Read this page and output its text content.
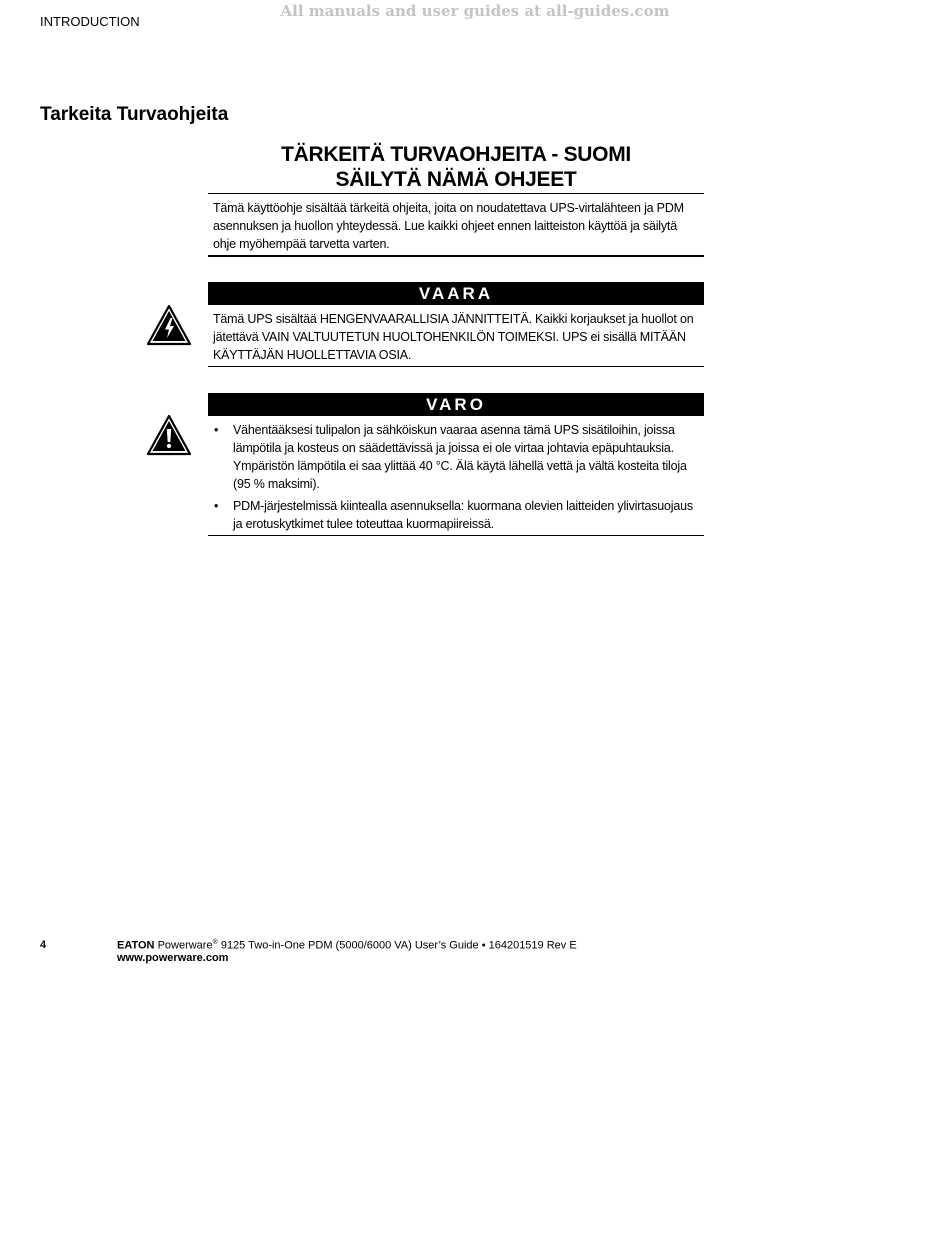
All manuals and user guides at all-guides.com
INTRODUCTION
Tarkeita Turvaohjeita
TÄRKEITÄ TURVAOHJEITA - SUOMI
SÄILYTÄ NÄMÄ OHJEET
Tämä käyttöohje sisältää tärkeitä ohjeita, joita on noudatettava UPS-virtalähteen ja PDM asennuksen ja huollon yhteydessä. Lue kaikki ohjeet ennen laitteiston käyttöä ja säilytä ohje myöhempää tarvetta varten.
VAARA
Tämä UPS sisältää HENGENVAARALLISIA JÄNNITTEITÄ. Kaikki korjaukset ja huollot on jätettävä VAIN VALTUUTETUN HUOLTOHENKILÖN TOIMEKSI. UPS ei sisällä MITÄÄN KÄYTTÄJÄN HUOLLETTAVIA OSIA.
VARO
• Vähentääksesi tulipalon ja sähköiskun vaaraa asenna tämä UPS sisätiloihin, joissa lämpötila ja kosteus on säädettävissä ja joissa ei ole virtaa johtavia epäpuhtauksia. Ympäristön lämpötila ei saa ylittää 40 °C. Älä käytä lähellä vettä ja vältä kosteita tiloja (95 % maksimi).
• PDM-järjestelmissä kiintealla asennuksella: kuormana olevien laitteiden ylivirtasuojaus ja erotuskytkimet tulee toteuttaa kuormapiireissä.
4	EATON Powerware® 9125 Two-in-One PDM (5000/6000 VA) User’s Guide • 164201519 Rev E
www.powerware.com
